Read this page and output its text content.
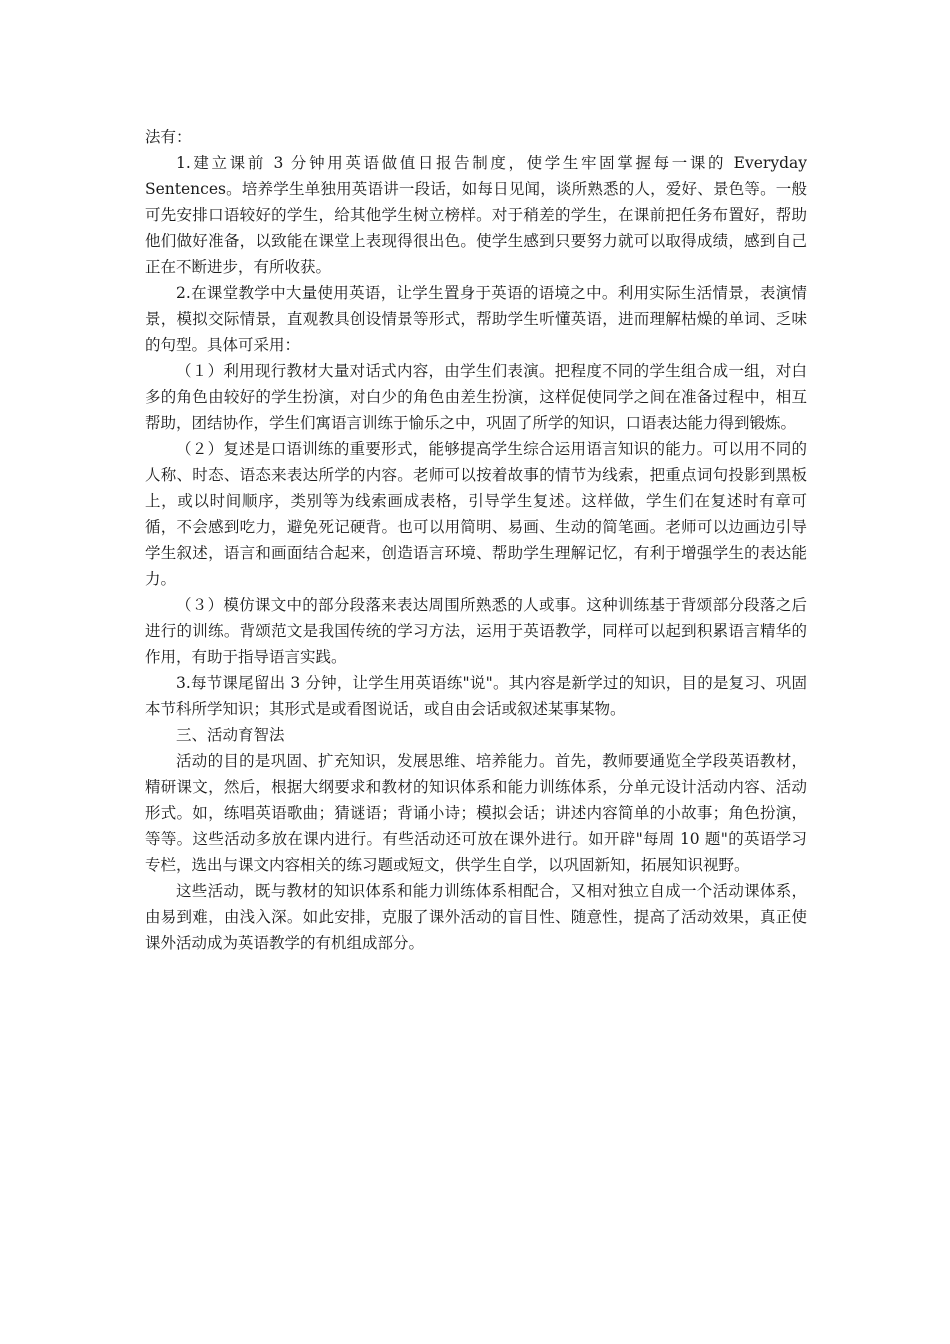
法有：

1.建立课前 3 分钟用英语做值日报告制度，使学生牢固掌握每一课的 Everyday Sentences。培养学生单独用英语讲一段话，如每日见闻，谈所熟悉的人，爱好、景色等。一般可先安排口语较好的学生，给其他学生树立榜样。对于稍差的学生，在课前把任务布置好，帮助他们做好准备，以致能在课堂上表现得很出色。使学生感到只要努力就可以取得成绩，感到自己正在不断进步，有所收获。

2.在课堂教学中大量使用英语，让学生置身于英语的语境之中。利用实际生活情景，表演情景，模拟交际情景，直观教具创设情景等形式，帮助学生听懂英语，进而理解枯燥的单词、乏味的句型。具体可采用：

（１）利用现行教材大量对话式内容，由学生们表演。把程度不同的学生组合成一组，对白多的角色由较好的学生扮演，对白少的角色由差生扮演，这样促使同学之间在准备过程中，相互帮助，团结协作，学生们寓语言训练于愉乐之中，巩固了所学的知识，口语表达能力得到锻炼。

（２）复述是口语训练的重要形式，能够提高学生综合运用语言知识的能力。可以用不同的人称、时态、语态来表达所学的内容。老师可以按着故事的情节为线索，把重点词句投影到黑板上，或以时间顺序，类别等为线索画成表格，引导学生复述。这样做，学生们在复述时有章可循，不会感到吃力，避免死记硬背。也可以用简明、易画、生动的简笔画。老师可以边画边引导学生叙述，语言和画面结合起来，创造语言环境、帮助学生理解记忆，有利于增强学生的表达能力。

（３）模仿课文中的部分段落来表达周围所熟悉的人或事。这种训练基于背颂部分段落之后进行的训练。背颂范文是我国传统的学习方法，运用于英语教学，同样可以起到积累语言精华的作用，有助于指导语言实践。

3.每节课尾留出 3 分钟，让学生用英语练"说"。其内容是新学过的知识，目的是复习、巩固本节科所学知识；其形式是或看图说话，或自由会话或叙述某事某物。

三、活动育智法

活动的目的是巩固、扩充知识，发展思维、培养能力。首先，教师要通览全学段英语教材，精研课文，然后，根据大纲要求和教材的知识体系和能力训练体系，分单元设计活动内容、活动形式。如，练唱英语歌曲；猜谜语；背诵小诗；模拟会话；讲述内容简单的小故事；角色扮演，等等。这些活动多放在课内进行。有些活动还可放在课外进行。如开辟"每周 10 题"的英语学习专栏，选出与课文内容相关的练习题或短文，供学生自学，以巩固新知，拓展知识视野。

这些活动，既与教材的知识体系和能力训练体系相配合，又相对独立自成一个活动课体系，由易到难，由浅入深。如此安排，克服了课外活动的盲目性、随意性，提高了活动效果，真正使课外活动成为英语教学的有机组成部分。
